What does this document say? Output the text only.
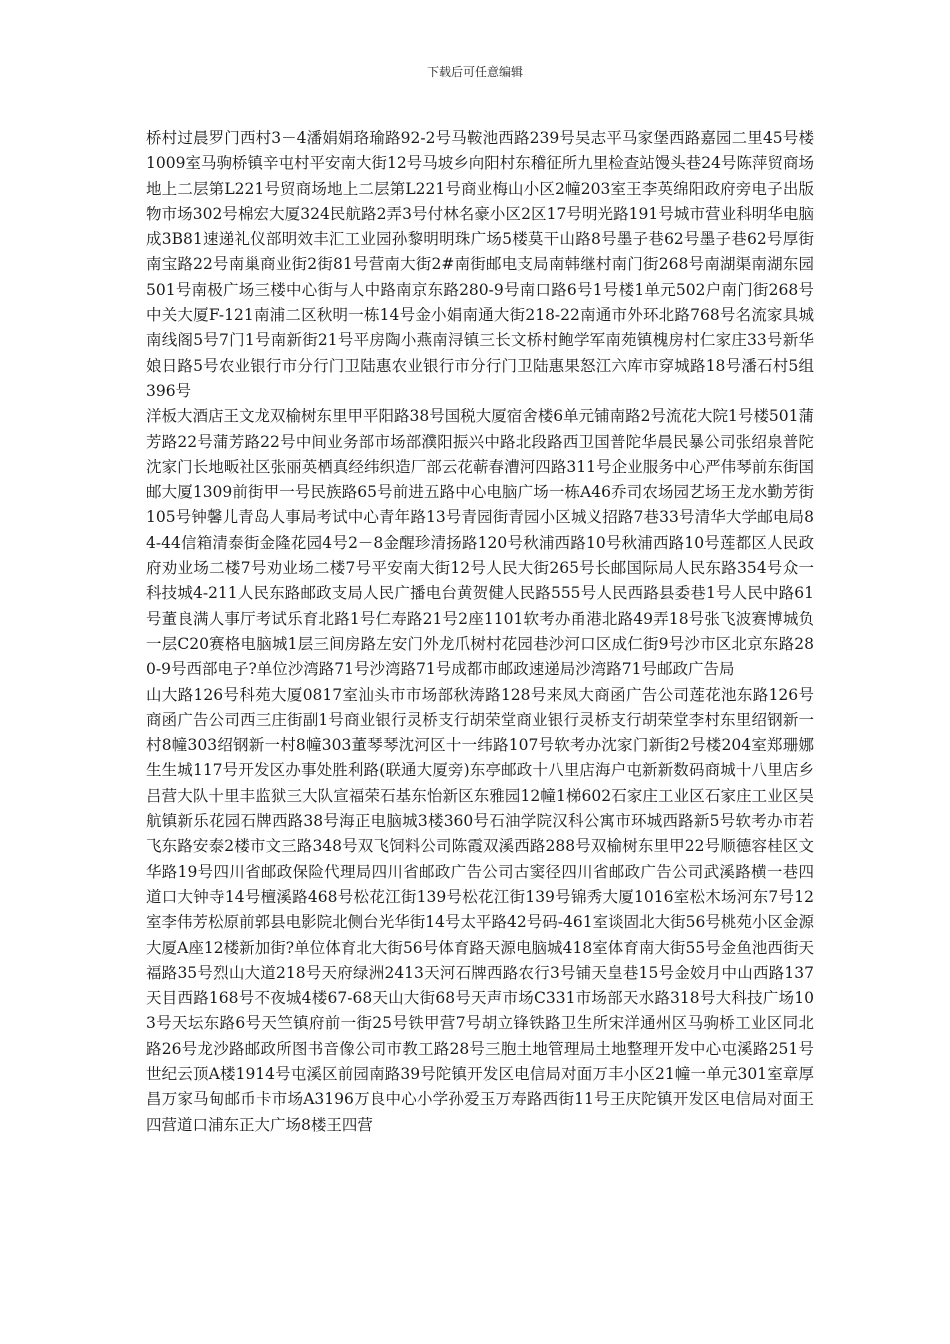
下载后可任意编辑

桥村过晨罗门西村3－4潘娟娟珞瑜路92-2号马鞍池西路239号吴志平马家堡西路嘉园二里45号楼1009室马驹桥镇辛屯村平安南大街12号马坡乡向阳村东稽征所九里检查站馒头巷24号陈萍贸商场地上二层第L221号贸商场地上二层第L221号商业梅山小区2幢203室王李英绵阳政府旁电子出版物市场302号棉宏大厦324民航路2弄3号付林名豪小区2区17号明光路191号城市营业科明华电脑成3B81速递礼仪部明效丰汇工业园孙黎明明珠广场5楼莫干山路8号墨子巷62号墨子巷62号厚街南宝路22号南巢商业街2街81号营南大街2#南街邮电支局南韩继村南门街268号南湖渠南湖东园501号南极广场三楼中心街与人中路南京东路280-9号南口路6号1号楼1单元502户南门街268号中关大厦F-121南浦二区秋明一栋14号金小娟南通大街218-22南通市外环北路768号名流家具城南线阁5号7门1号南新街21号平房陶小燕南浔镇三长文桥村鲍学军南苑镇槐房村仁家庄33号新华娘日路5号农业银行市分行门卫陆惠农业银行市分行门卫陆惠果怒江六库市穿城路18号潘石村5组396号

洋板大酒店王文龙双榆树东里甲平阳路38号国税大厦宿舍楼6单元铺南路2号流花大院1号楼501蒲芳路22号蒲芳路22号中间业务部市场部濮阳振兴中路北段路西卫国普陀华晨民暴公司张绍泉普陀沈家门长地畈社区张丽英栖真经纬织造厂部云花蕲春漕河四路311号企业服务中心严伟琴前东街国邮大厦1309前街甲一号民族路65号前进五路中心电脑广场一栋A46乔司农场园艺场王龙水勤芳街105号钟馨儿青岛人事局考试中心青年路13号青园街青园小区城义招路7巷33号清华大学邮电局84-44信箱清泰街金隆花园4号2－8金醒珍清扬路120号秋浦西路10号秋浦西路10号莲都区人民政府劝业场二楼7号劝业场二楼7号平安南大街12号人民大街265号长邮国际局人民东路354号众一科技城4-211人民东路邮政支局人民广播电台黄贺健人民路555号人民西路县委巷1号人民中路61号董良满人事厅考试乐育北路1号仁寿路21号2座1101软考办甬港北路49弄18号张飞波赛博城负一层C20赛格电脑城1层三间房路左安门外龙爪树村花园巷沙河口区成仁街9号沙市区北京东路280-9号西部电子?单位沙湾路71号沙湾路71号成都市邮政速递局沙湾路71号邮政广告局

山大路126号科苑大厦0817室汕头市市场部秋涛路128号来凤大商函广告公司莲花池东路126号商函广告公司西三庄街副1号商业银行灵桥支行胡荣堂商业银行灵桥支行胡荣堂李村东里绍钢新一村8幢303绍钢新一村8幢303董琴琴沈河区十一纬路107号软考办沈家门新街2号楼204室郑珊娜生生城117号开发区办事处胜利路(联通大厦旁)东亭邮政十八里店海户屯新新数码商城十八里店乡吕营大队十里丰监狱三大队宣福荣石基东怡新区东雅园12幢1梯602石家庄工业区石家庄工业区吴航镇新乐花园石牌西路38号海正电脑城3楼360号石油学院汉科公寓市环城西路新5号软考办市若飞东路安泰2楼市文三路348号双飞饲料公司陈霞双溪西路288号双榆树东里甲22号顺德容桂区文华路19号四川省邮政保险代理局四川省邮政广告公司古窦径四川省邮政广告公司武溪路横一巷四道口大钟寺14号檀溪路468号松花江街139号松花江街139号锦秀大厦1016室松木场河东7号12室李伟芳松原前郭县电影院北侧台光华街14号太平路42号码-461室谈固北大街56号桃苑小区金源大厦A座12楼新加街?单位体育北大街56号体育路天源电脑城418室体育南大街55号金鱼池西街天福路35号烈山大道218号天府绿洲2413天河石牌西路农行3号铺天皇巷15号金姣月中山西路137天目西路168号不夜城4楼67-68天山大街68号天声市场C331市场部天水路318号大科技广场103号天坛东路6号天竺镇府前一街25号铁甲营7号胡立锋铁路卫生所宋洋通州区马驹桥工业区同北路26号龙沙路邮政所图书音像公司市教工路28号三胞土地管理局土地整理开发中心屯溪路251号世纪云顶A楼1914号屯溪区前园南路39号陀镇开发区电信局对面万丰小区21幢一单元301室章厚昌万家马甸邮币卡市场A3196万良中心小学孙爱玉万寿路西街11号王庆陀镇开发区电信局对面王四营道口浦东正大广场8楼王四营
